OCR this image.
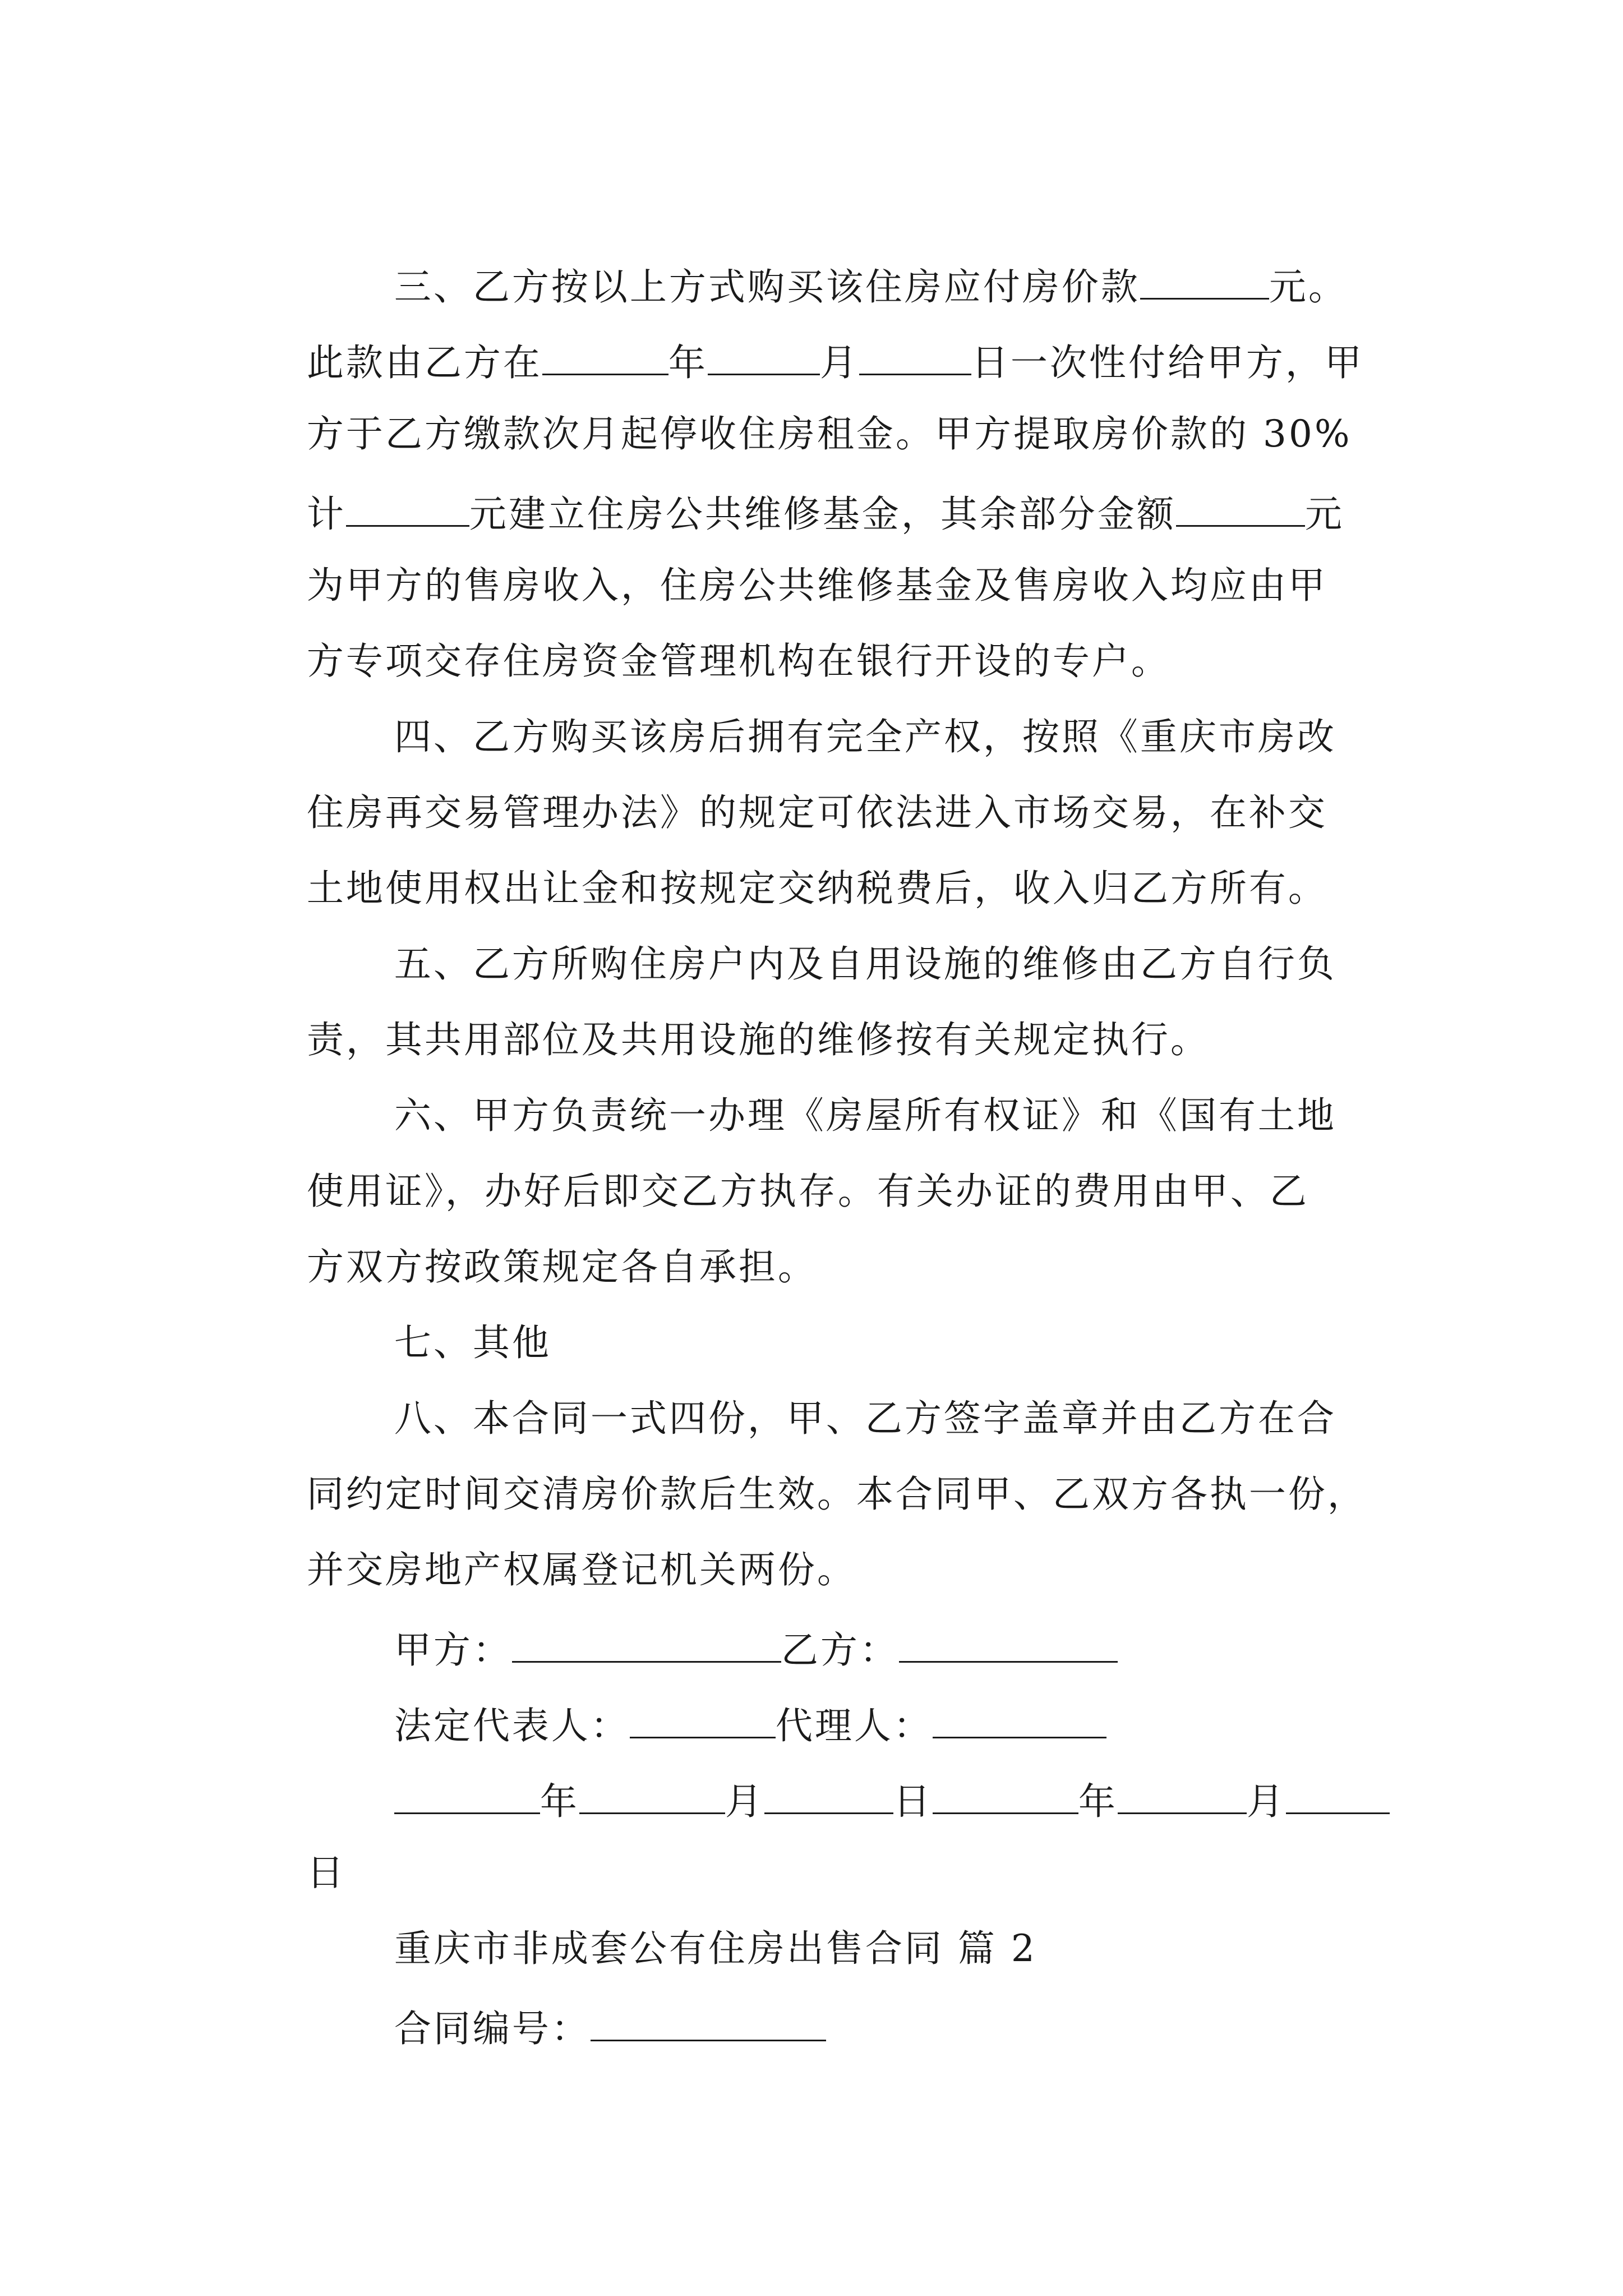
三、乙方按以上方式购买该住房应付房价款	元。

此款由乙方在	年	月	日一次性付给甲方，甲

方于乙方缴款次月起停收住房租金。甲方提取房价款的 30%

计	元建立住房公共维修基金，其余部分金额	元

为甲方的售房收入，住房公共维修基金及售房收入均应由甲

方专项交存住房资金管理机构在银行开设的专户。

四、乙方购买该房后拥有完全产权，按照《重庆市房改

住房再交易管理办法》的规定可依法进入市场交易，在补交

土地使用权出让金和按规定交纳税费后，收入归乙方所有。

五、乙方所购住房户内及自用设施的维修由乙方自行负

责，其共用部位及共用设施的维修按有关规定执行。

六、甲方负责统一办理《房屋所有权证》和《国有土地

使用证》，办好后即交乙方执存。有关办证的费用由甲、乙

方双方按政策规定各自承担。

七、其他

八、本合同一式四份，甲、乙方签字盖章并由乙方在合

同约定时间交清房价款后生效。本合同甲、乙双方各执一份，

并交房地产权属登记机关两份。

甲方：	乙方：

法定代表人：	代理人：

年	月	日	年	月

日

重庆市非成套公有住房出售合同 篇 2

合同编号：
